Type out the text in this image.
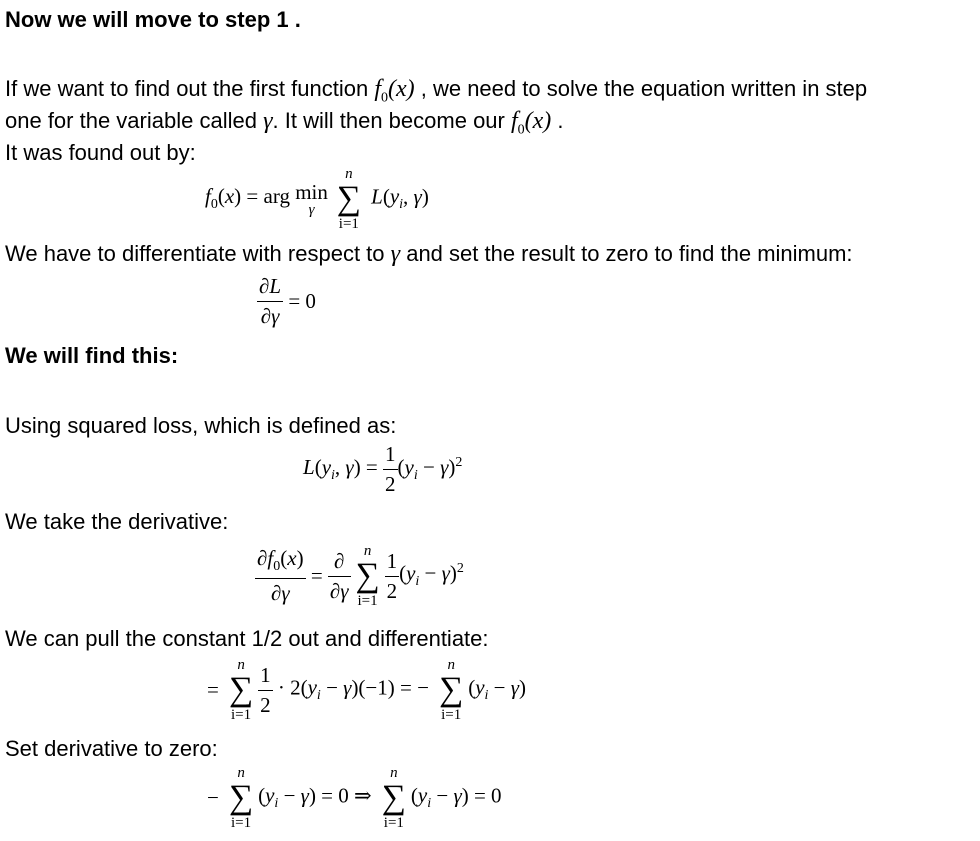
Now we will move to step 1 .
If we want to find out the first function $f_0(x)$ , we need to solve the equation written in step
one for the variable called γ. It will then become our $f_0(x)$ .
It was found out by:
$f_0(x)$ = arg min
γ
n
∑
i=1
$L(y_i$, γ)
We have to differentiate with respect to γ and set the result to zero to find the minimum:
$\frac{\partial L}{\partial\gamma} = 0$
We will find this:
Using squared loss, which is defined as:
$L(y_i$, $\gamma) = \frac{1}{2} (y_i - \gamma)^2$
We take the derivative:
$\frac{\partial f_0(x)}{\partial\gamma} = \frac{\partial}{\partial\gamma}$ n
∑
$i=1 \frac{1}{2} (y_i - \gamma)^2$
We can pull the constant 1/2 out and differentiate:
=
n
∑
$i=1 \frac{1}{2} \cdot 2(y_i - \gamma)(-1)$ = −
n
∑
i=1
$(y_i - \gamma)$
Set derivative to zero:
−
n
∑
i=1
$(y_i - \gamma) = 0$ ⇒
n
∑
i=1
$(y_i - \gamma) = 0$
